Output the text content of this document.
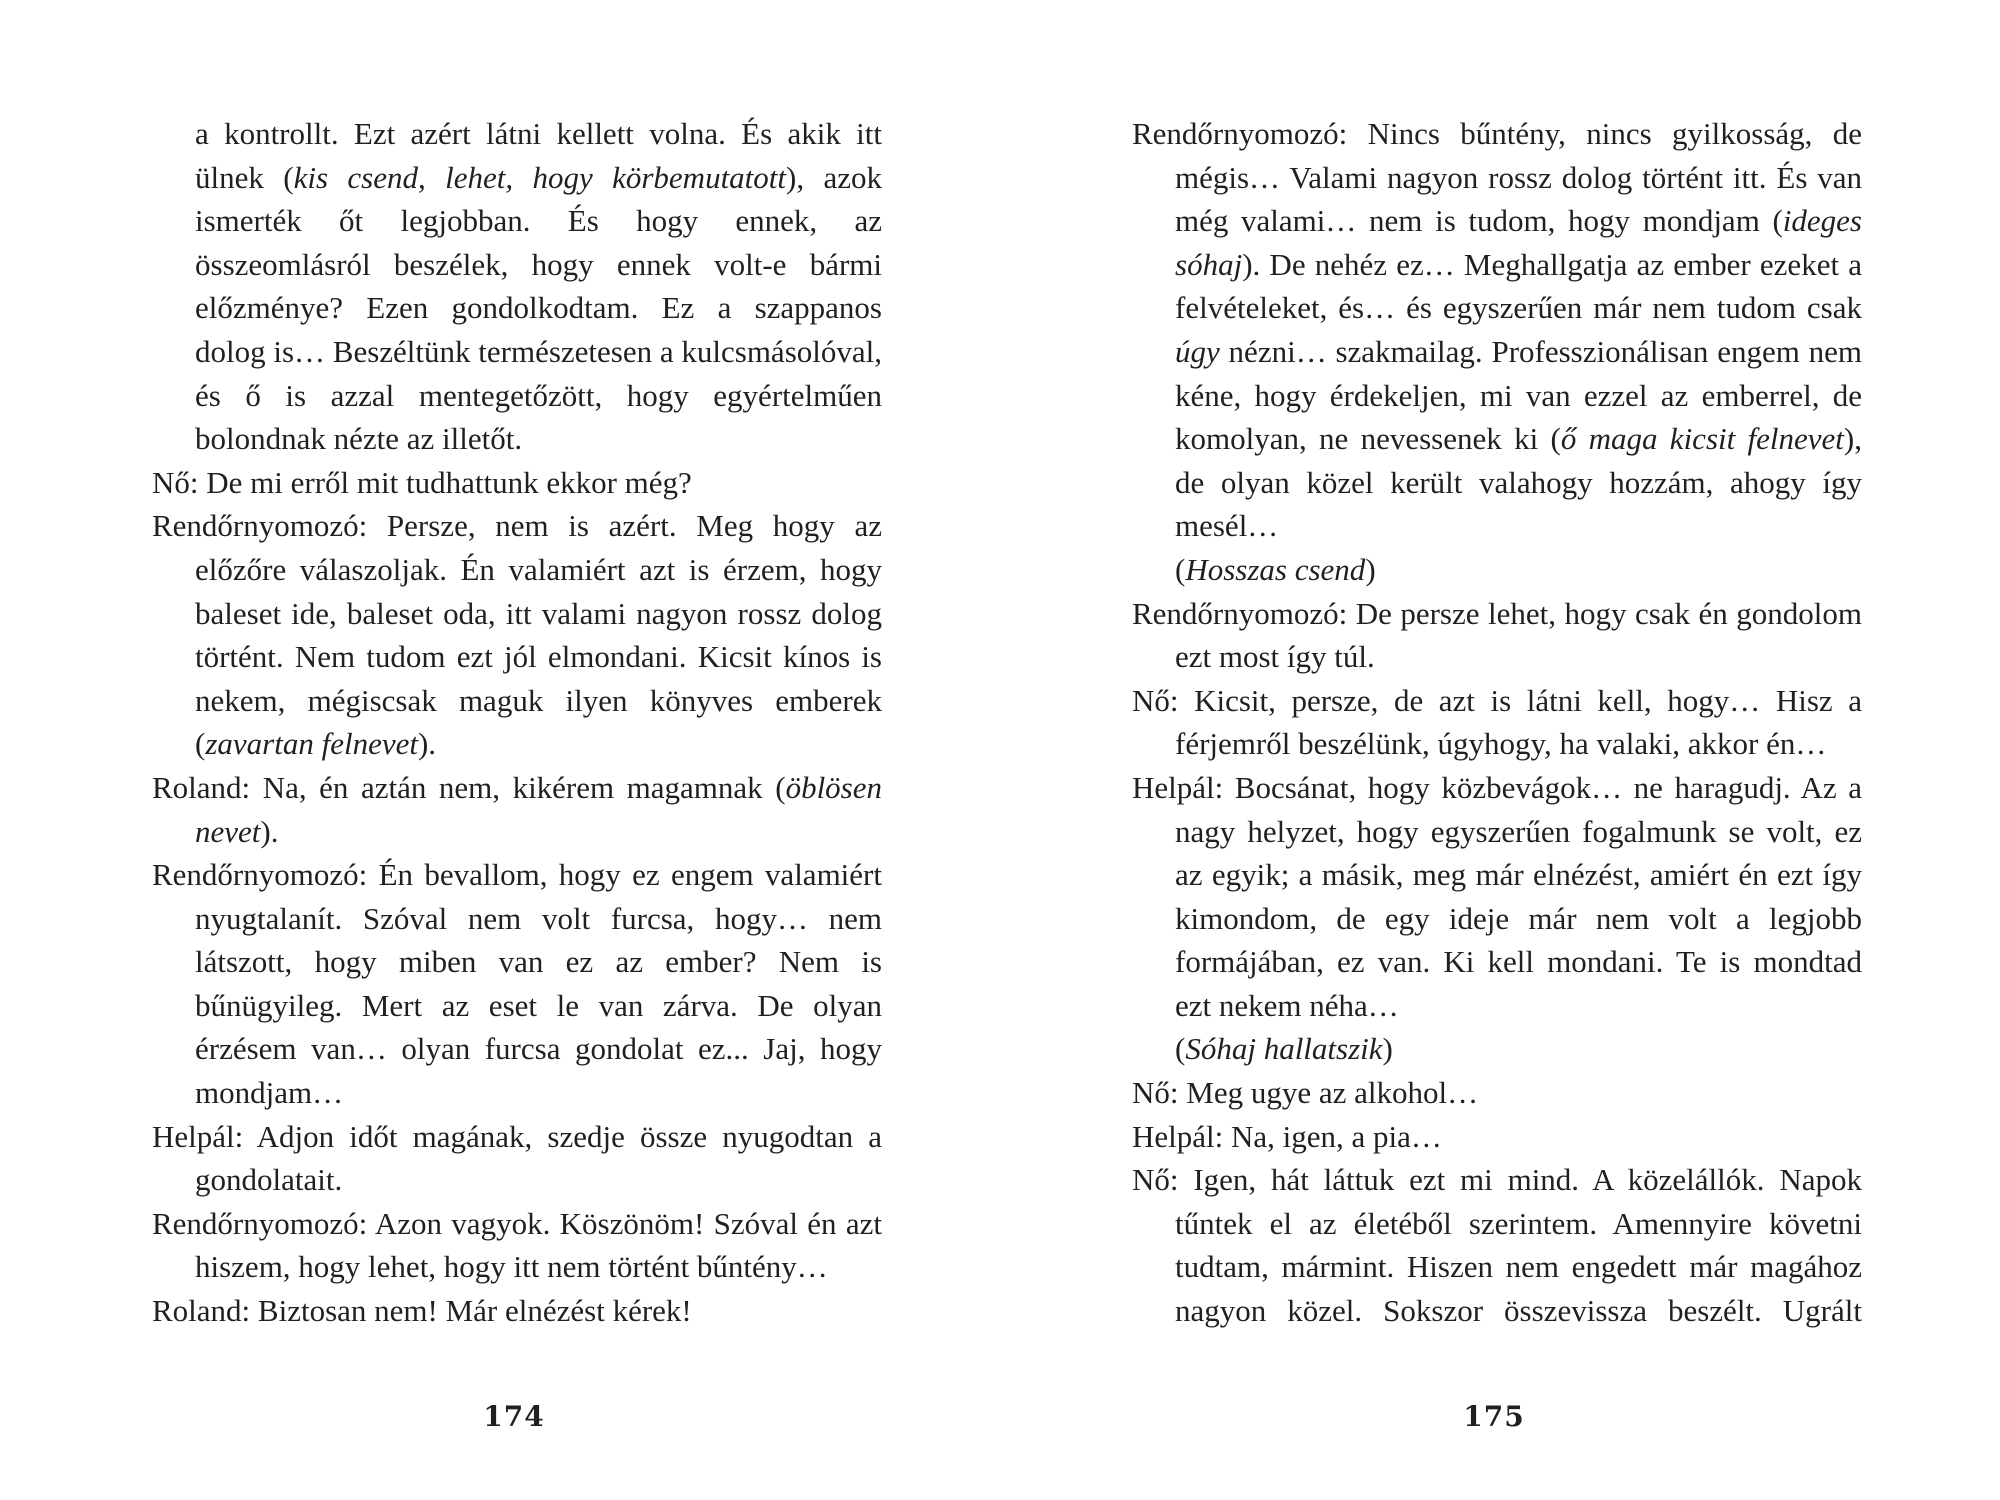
a kontrollt. Ezt azért látni kellett volna. És akik itt ülnek (kis csend, lehet, hogy körbemutatott), azok ismerték őt legjobban. És hogy ennek, az összeomlásról beszélek, hogy ennek volt-e bármi előzménye? Ezen gondolkodtam. Ez a szappanos dolog is… Beszéltünk természetesen a kulcsmásolóval, és ő is azzal mentegetőzött, hogy egyértelműen bolondnak nézte az illetőt.

Nő: De mi erről mit tudhattunk ekkor még?

Rendőrnyomozó: Persze, nem is azért. Meg hogy az előzőre válaszoljak. Én valamiért azt is érzem, hogy baleset ide, baleset oda, itt valami nagyon rossz dolog történt. Nem tudom ezt jól elmondani. Kicsit kínos is nekem, mégiscsak maguk ilyen könyves emberek (zavartan felnevet).

Roland: Na, én aztán nem, kikérem magamnak (öblösen nevet).

Rendőrnyomozó: Én bevallom, hogy ez engem valamiért nyugtalanít. Szóval nem volt furcsa, hogy… nem látszott, hogy miben van ez az ember? Nem is bűnügyileg. Mert az eset le van zárva. De olyan érzésem van… olyan furcsa gondolat ez... Jaj, hogy mondjam…

Helpál: Adjon időt magának, szedje össze nyugodtan a gondolatait.

Rendőrnyomozó: Azon vagyok. Köszönöm! Szóval én azt hiszem, hogy lehet, hogy itt nem történt bűntény…

Roland: Biztosan nem! Már elnézést kérek!

Rendőrnyomozó: Nincs bűntény, nincs gyilkosság, de mégis… Valami nagyon rossz dolog történt itt. És van még valami… nem is tudom, hogy mondjam (ideges sóhaj). De nehéz ez… Meghallgatja az ember ezeket a felvételeket, és… és egyszerűen már nem tudom csak úgy nézni… szakmailag. Professzionálisan engem nem kéne, hogy érdekeljen, mi van ezzel az emberrel, de komolyan, ne nevessenek ki (ő maga kicsit felnevet), de olyan közel került valahogy hozzám, ahogy így mesél…

(Hosszas csend)

Rendőrnyomozó: De persze lehet, hogy csak én gondolom ezt most így túl.

Nő: Kicsit, persze, de azt is látni kell, hogy… Hisz a férjemről beszélünk, úgyhogy, ha valaki, akkor én…

Helpál: Bocsánat, hogy közbevágok… ne haragudj. Az a nagy helyzet, hogy egyszerűen fogalmunk se volt, ez az egyik; a másik, meg már elnézést, amiért én ezt így kimondom, de egy ideje már nem volt a legjobb formájában, ez van. Ki kell mondani. Te is mondtad ezt nekem néha…

(Sóhaj hallatszik)

Nő: Meg ugye az alkohol…

Helpál: Na, igen, a pia…

Nő: Igen, hát láttuk ezt mi mind. A közelállók. Napok tűntek el az életéből szerintem. Amennyire követni tudtam, mármint. Hiszen nem engedett már magához nagyon közel. Sokszor összevissza beszélt. Ugrált

174	175
